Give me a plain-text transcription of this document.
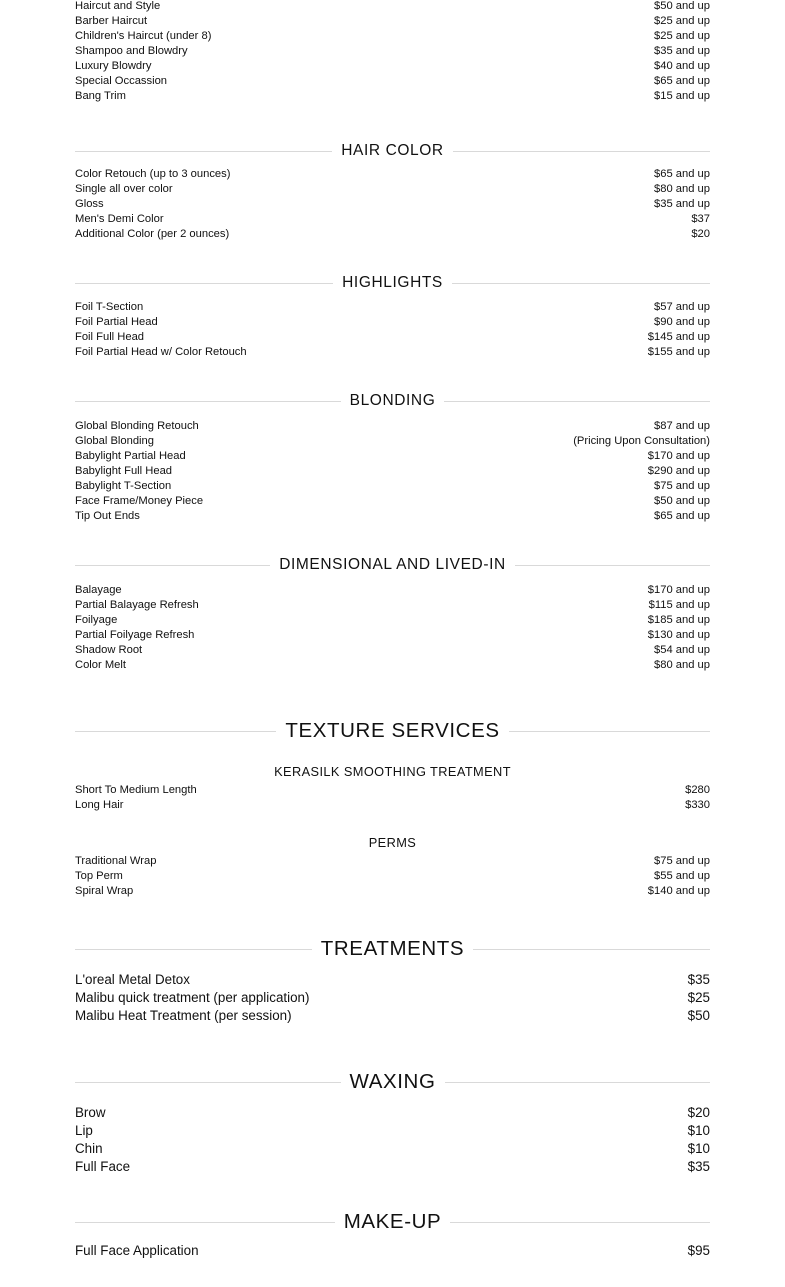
Haircut and Style	$50 and up
Barber Haircut	$25 and up
Children's Haircut (under 8)	$25 and up
Shampoo and Blowdry	$35 and up
Luxury Blowdry	$40 and up
Special Occassion	$65 and up
Bang Trim	$15 and up
HAIR COLOR
Color Retouch (up to 3 ounces)	$65 and up
Single all over color	$80 and up
Gloss	$35 and up
Men's Demi Color	$37
Additional Color (per 2 ounces)	$20
HIGHLIGHTS
Foil T-Section	$57 and up
Foil Partial Head	$90 and up
Foil Full Head	$145 and up
Foil Partial Head w/ Color Retouch	$155 and up
BLONDING
Global Blonding Retouch	$87 and up
Global Blonding	(Pricing Upon Consultation)
Babylight Partial Head	$170 and up
Babylight Full Head	$290 and up
Babylight T-Section	$75 and up
Face Frame/Money Piece	$50 and up
Tip Out Ends	$65 and up
DIMENSIONAL AND LIVED-IN
Balayage	$170 and up
Partial Balayage Refresh	$115 and up
Foilyage	$185 and up
Partial Foilyage Refresh	$130 and up
Shadow Root	$54 and up
Color Melt	$80 and up
TEXTURE SERVICES
KERASILK SMOOTHING TREATMENT
Short To Medium Length	$280
Long Hair	$330
PERMS
Traditional Wrap	$75 and up
Top Perm	$55 and up
Spiral Wrap	$140 and up
TREATMENTS
L'oreal Metal Detox	$35
Malibu quick treatment (per application)	$25
Malibu Heat Treatment (per session)	$50
WAXING
Brow	$20
Lip	$10
Chin	$10
Full Face	$35
MAKE-UP
Full Face Application	$95
